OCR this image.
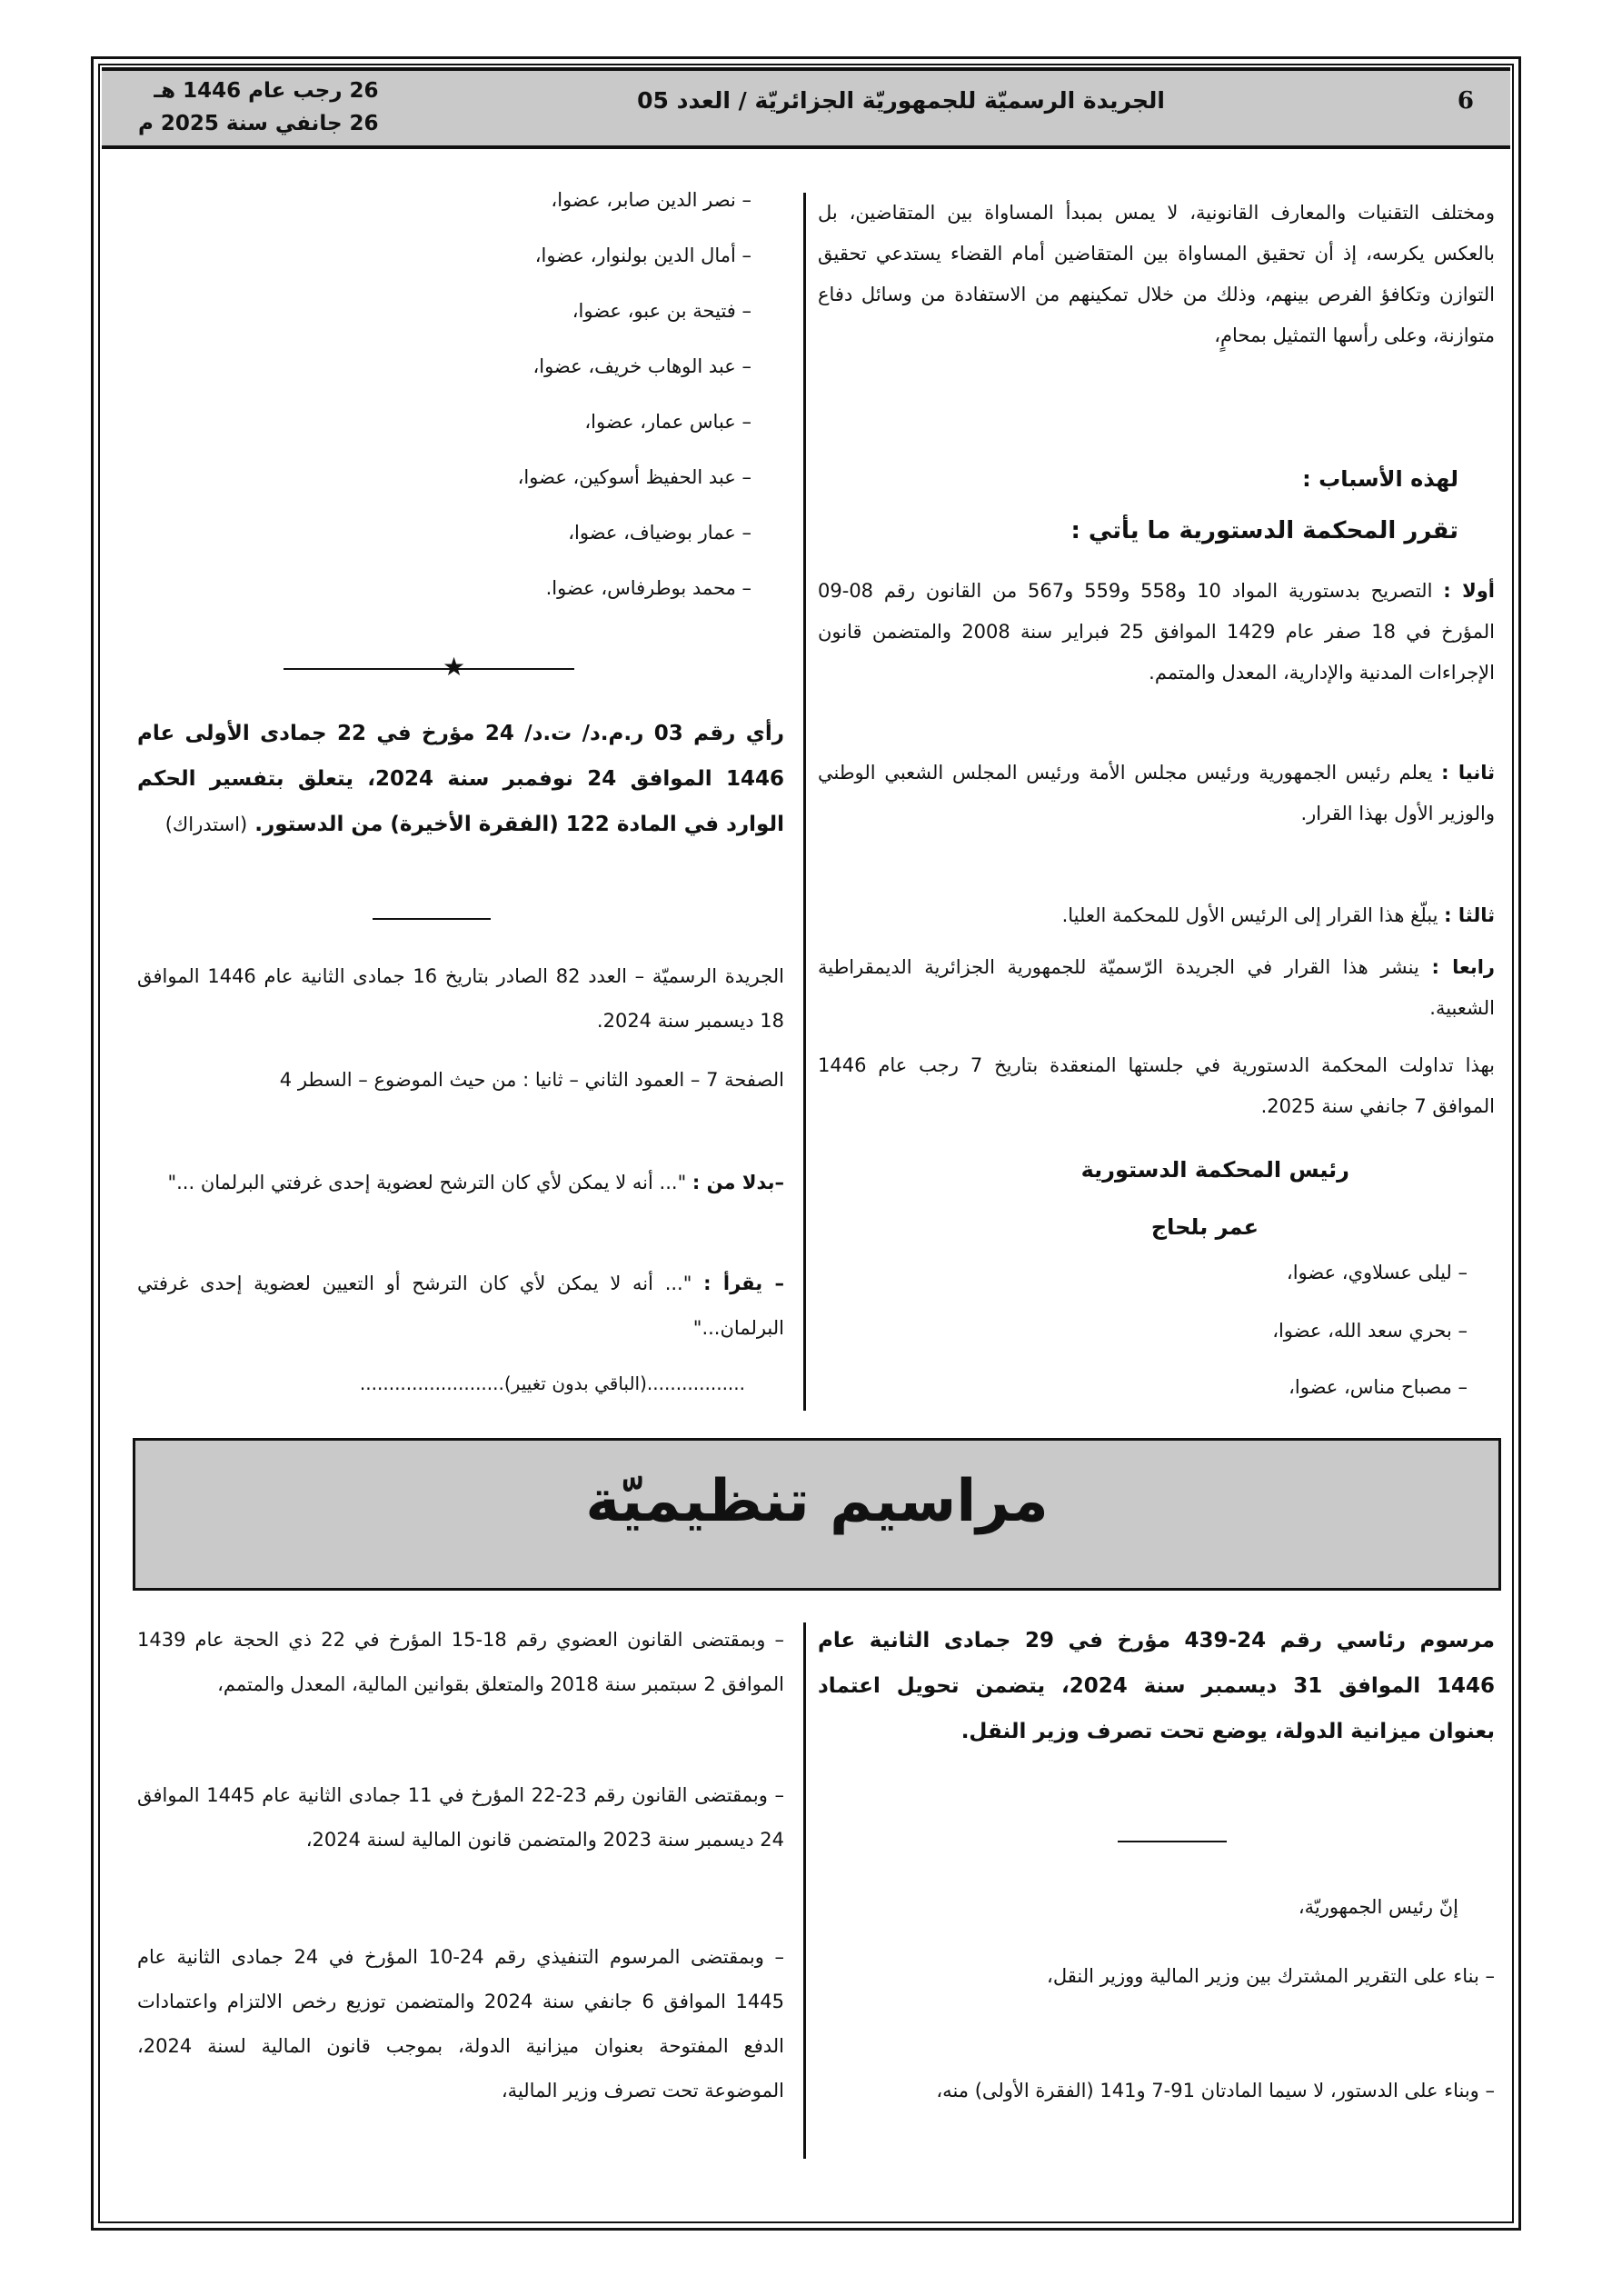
6
الجريدة الرسميّة للجمهوريّة الجزائريّة / العدد 05
26 رجب عام 1446 هـ
26 جانفي سنة 2025 م
ومختلف التقنيات والمعارف القانونية، لا يمس بمبدأ المساواة بين المتقاضين، بل بالعكس يكرسه، إذ أن تحقيق المساواة بين المتقاضين أمام القضاء يستدعي تحقيق التوازن وتكافؤ الفرص بينهم، وذلك من خلال تمكينهم من الاستفادة من وسائل دفاع متوازنة، وعلى رأسها التمثيل بمحامٍ،
لهذه الأسباب :
تقرر المحكمة الدستورية ما يأتي :
أولا : التصريح بدستورية المواد 10 و558 و559 و567 من القانون رقم 08-09 المؤرخ في 18 صفر عام 1429 الموافق 25 فبراير سنة 2008 والمتضمن قانون الإجراءات المدنية والإدارية، المعدل والمتمم.
ثانيا : يعلم رئيس الجمهورية ورئيس مجلس الأمة ورئيس المجلس الشعبي الوطني والوزير الأول بهذا القرار.
ثالثا : يبلّغ هذا القرار إلى الرئيس الأول للمحكمة العليا.
رابعا : ينشر هذا القرار في الجريدة الرّسميّة للجمهورية الجزائرية الديمقراطية الشعبية.
بهذا تداولت المحكمة الدستورية في جلستها المنعقدة بتاريخ 7 رجب عام 1446 الموافق 7 جانفي سنة 2025.
رئيس المحكمة الدستورية
عمر بلحاج
– ليلى عسلاوي، عضوا،
– بحري سعد الله، عضوا،
– مصباح مناس، عضوا،
– نصر الدين صابر، عضوا،
– أمال الدين بولنوار، عضوا،
– فتيحة بن عبو، عضوا،
– عبد الوهاب خريف، عضوا،
– عباس عمار، عضوا،
– عبد الحفيظ أسوكين، عضوا،
– عمار بوضياف، عضوا،
– محمد بوطرفاس، عضوا.
★
رأي رقم 03 ر.م.د/ ت.د/ 24 مؤرخ في 22 جمادى الأولى عام 1446 الموافق 24 نوفمبر سنة 2024، يتعلق بتفسير الحكم الوارد في المادة 122 (الفقرة الأخيرة) من الدستور. (استدراك)
الجريدة الرسميّة – العدد 82 الصادر بتاريخ 16 جمادى الثانية عام 1446 الموافق 18 ديسمبر سنة 2024.
الصفحة 7 – العمود الثاني – ثانيا : من حيث الموضوع – السطر 4
–بدلا من : "... أنه لا يمكن لأي كان الترشح لعضوية إحدى غرفتي البرلمان ..."
– يقرأ : "... أنه لا يمكن لأي كان الترشح أو التعيين لعضوية إحدى غرفتي البرلمان..."
.................(الباقي بدون تغيير).........................
مراسيم تنظيميّة
مرسوم رئاسي رقم 24-439 مؤرخ في 29 جمادى الثانية عام 1446 الموافق 31 ديسمبر سنة 2024، يتضمن تحويل اعتماد بعنوان ميزانية الدولة، يوضع تحت تصرف وزير النقل.
إنّ رئيس الجمهوريّة،
– بناء على التقرير المشترك بين وزير المالية ووزير النقل،
– وبناء على الدستور، لا سيما المادتان 91-7 و141 (الفقرة الأولى) منه،
– وبمقتضى القانون العضوي رقم 18-15 المؤرخ في 22 ذي الحجة عام 1439 الموافق 2 سبتمبر سنة 2018 والمتعلق بقوانين المالية، المعدل والمتمم،
– وبمقتضى القانون رقم 23-22 المؤرخ في 11 جمادى الثانية عام 1445 الموافق 24 ديسمبر سنة 2023 والمتضمن قانون المالية لسنة 2024،
– وبمقتضى المرسوم التنفيذي رقم 24-10 المؤرخ في 24 جمادى الثانية عام 1445 الموافق 6 جانفي سنة 2024 والمتضمن توزيع رخص الالتزام واعتمادات الدفع المفتوحة بعنوان ميزانية الدولة، بموجب قانون المالية لسنة 2024، الموضوعة تحت تصرف وزير المالية،
